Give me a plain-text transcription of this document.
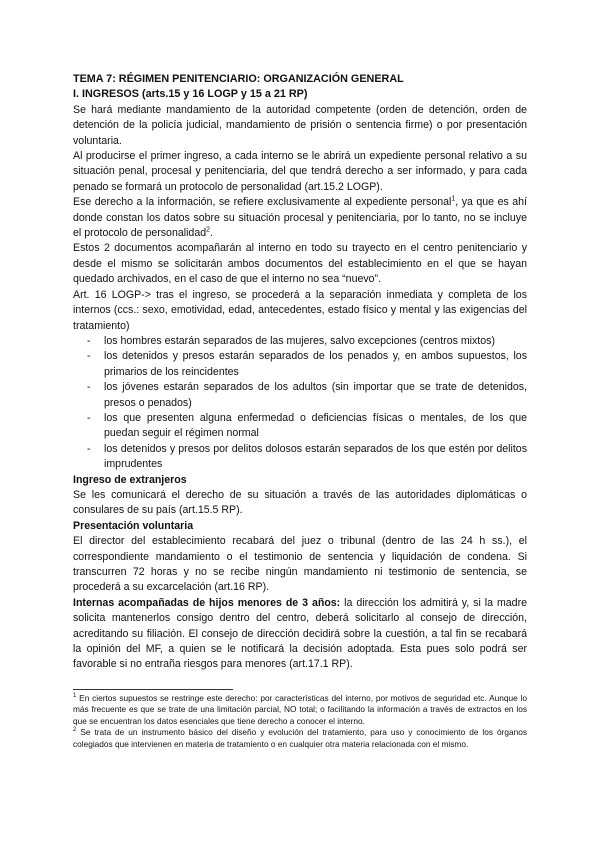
TEMA 7: RÉGIMEN PENITENCIARIO: ORGANIZACIÓN GENERAL
I. INGRESOS (arts.15 y 16 LOGP y 15 a 21 RP)

Se hará mediante mandamiento de la autoridad competente (orden de detención, orden de detención de la policía judicial, mandamiento de prisión o sentencia firme) o por presentación voluntaria.

Al producirse el primer ingreso, a cada interno se le abrirá un expediente personal relativo a su situación penal, procesal y penitenciaria, del que tendrá derecho a ser informado, y para cada penado se formará un protocolo de personalidad (art.15.2 LOGP).

Ese derecho a la información, se refiere exclusivamente al expediente personal$^1$, ya que es ahí donde constan los datos sobre su situación procesal y penitenciaria, por lo tanto, no se incluye el protocolo de personalidad$^2$.

Estos 2 documentos acompañarán al interno en todo su trayecto en el centro penitenciario y desde el mismo se solicitarán ambos documentos del establecimiento en el que se hayan quedado archivados, en el caso de que el interno no sea “nuevo”.

Art. 16 LOGP-> tras el ingreso, se procederá a la separación inmediata y completa de los internos (ccs.: sexo, emotividad, edad, antecedentes, estado físico y mental y las exigencias del tratamiento)

- los hombres estarán separados de las mujeres, salvo excepciones (centros mixtos)
- los detenidos y presos estarán separados de los penados y, en ambos supuestos, los primarios de los reincidentes
- los jóvenes estarán separados de los adultos (sin importar que se trate de detenidos, presos o penados)
- los que presenten alguna enfermedad o deficiencias físicas o mentales, de los que puedan seguir el régimen normal
- los detenidos y presos por delitos dolosos estarán separados de los que estén por delitos imprudentes
Ingreso de extranjeros

Se les comunicará el derecho de su situación a través de las autoridades diplomáticas o consulares de su país (art.15.5 RP).

Presentación voluntaria

El director del establecimiento recabará del juez o tribunal (dentro de las 24 h ss.), el correspondiente mandamiento o el testimonio de sentencia y liquidación de condena. Si transcurren 72 horas y no se recibe ningún mandamiento ni testimonio de sentencia, se procederá a su excarcelación (art.16 RP).

Internas acompañadas de hijos menores de 3 años: la dirección los admitirá y, si la madre solicita mantenerlos consigo dentro del centro, deberá solicitarlo al consejo de dirección, acreditando su filiación. El consejo de dirección decidirá sobre la cuestión, a tal fin se recabará la opinión del MF, a quien se le notificará la decisión adoptada. Esta pues solo podrá ser favorable si no entraña riesgos para menores (art.17.1 RP).

$^1$ En ciertos supuestos se restringe este derecho: por características del interno, por motivos de seguridad etc. Aunque lo más frecuente es que se trate de una limitación parcial, NO total; o facilitando la información a través de extractos en los que se encuentran los datos esenciales que tiene derecho a conocer el interno.

$^2$ Se trata de un instrumento básico del diseño y evolución del tratamiento, para uso y conocimiento de los órganos colegiados que intervienen en materia de tratamiento o en cualquier otra materia relacionada con el mismo.
